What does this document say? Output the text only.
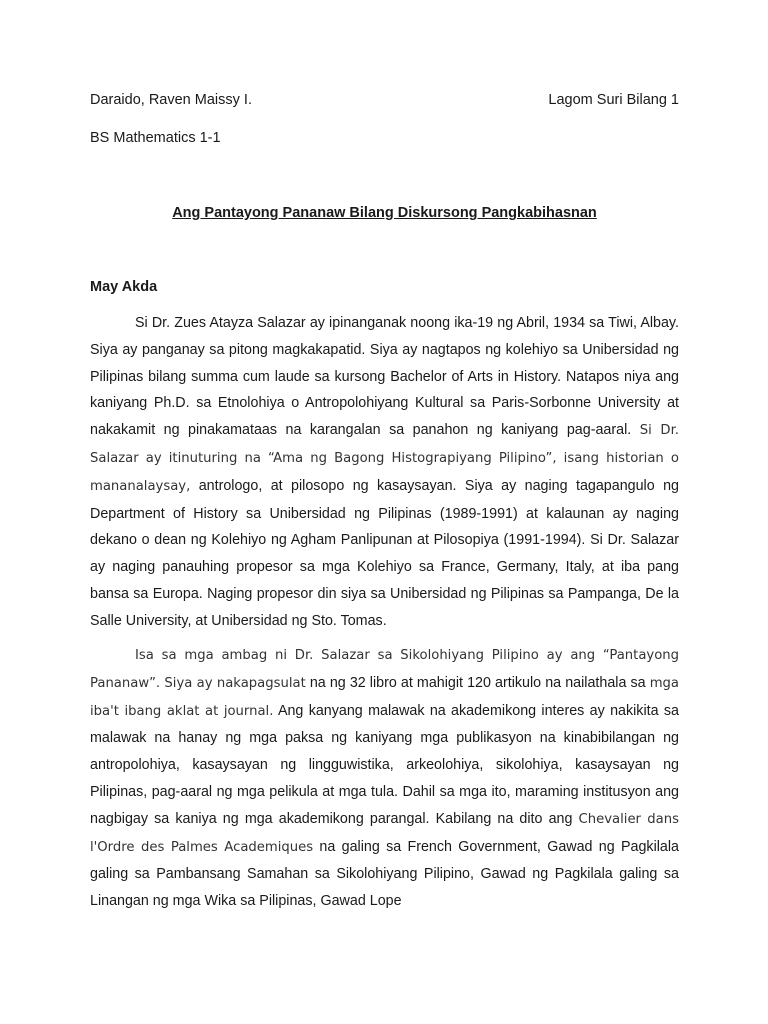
Daraido, Raven Maissy I.	Lagom Suri Bilang 1
BS Mathematics 1-1
Ang Pantayong Pananaw Bilang Diskursong Pangkabihasnan
May Akda

Si Dr. Zues Atayza Salazar ay ipinanganak noong ika-19 ng Abril, 1934 sa Tiwi, Albay. Siya ay panganay sa pitong magkakapatid. Siya ay nagtapos ng kolehiyo sa Unibersidad ng Pilipinas bilang summa cum laude sa kursong Bachelor of Arts in History. Natapos niya ang kaniyang Ph.D. sa Etnolohiya o Antropolohiyang Kultural sa Paris-Sorbonne University at nakakamit ng pinakamataas na karangalan sa panahon ng kaniyang pag-aaral. Si Dr. Salazar ay itinuturing na “Ama ng Bagong Histograpiyang Pilipino”, isang historian o mananalaysay, antrologo, at pilosopo ng kasaysayan. Siya ay naging tagapangulo ng Department of History sa Unibersidad ng Pilipinas (1989-1991) at kalaunan ay naging dekano o dean ng Kolehiyo ng Agham Panlipunan at Pilosopiya (1991-1994). Si Dr. Salazar ay naging panauhing propesor sa mga Kolehiyo sa France, Germany, Italy, at iba pang bansa sa Europa. Naging propesor din siya sa Unibersidad ng Pilipinas sa Pampanga, De la Salle University, at Unibersidad ng Sto. Tomas.

Isa sa mga ambag ni Dr. Salazar sa Sikolohiyang Pilipino ay ang “Pantayong Pananaw”. Siya ay nakapagsulat na ng 32 libro at mahigit 120 artikulo na nailathala sa mga iba't ibang aklat at journal. Ang kanyang malawak na akademikong interes ay nakikita sa malawak na hanay ng mga paksa ng kaniyang mga publikasyon na kinabibilangan ng antropolohiya, kasaysayan ng lingguwistika, arkeolohiya, sikolohiya, kasaysayan ng Pilipinas, pag-aaral ng mga pelikula at mga tula. Dahil sa mga ito, maraming institusyon ang nagbigay sa kaniya ng mga akademikong parangal. Kabilang na dito ang Chevalier dans l'Ordre des Palmes Academiques na galing sa French Government, Gawad ng Pagkilala galing sa Pambansang Samahan sa Sikolohiyang Pilipino, Gawad ng Pagkilala galing sa Linangan ng mga Wika sa Pilipinas, Gawad Lope
